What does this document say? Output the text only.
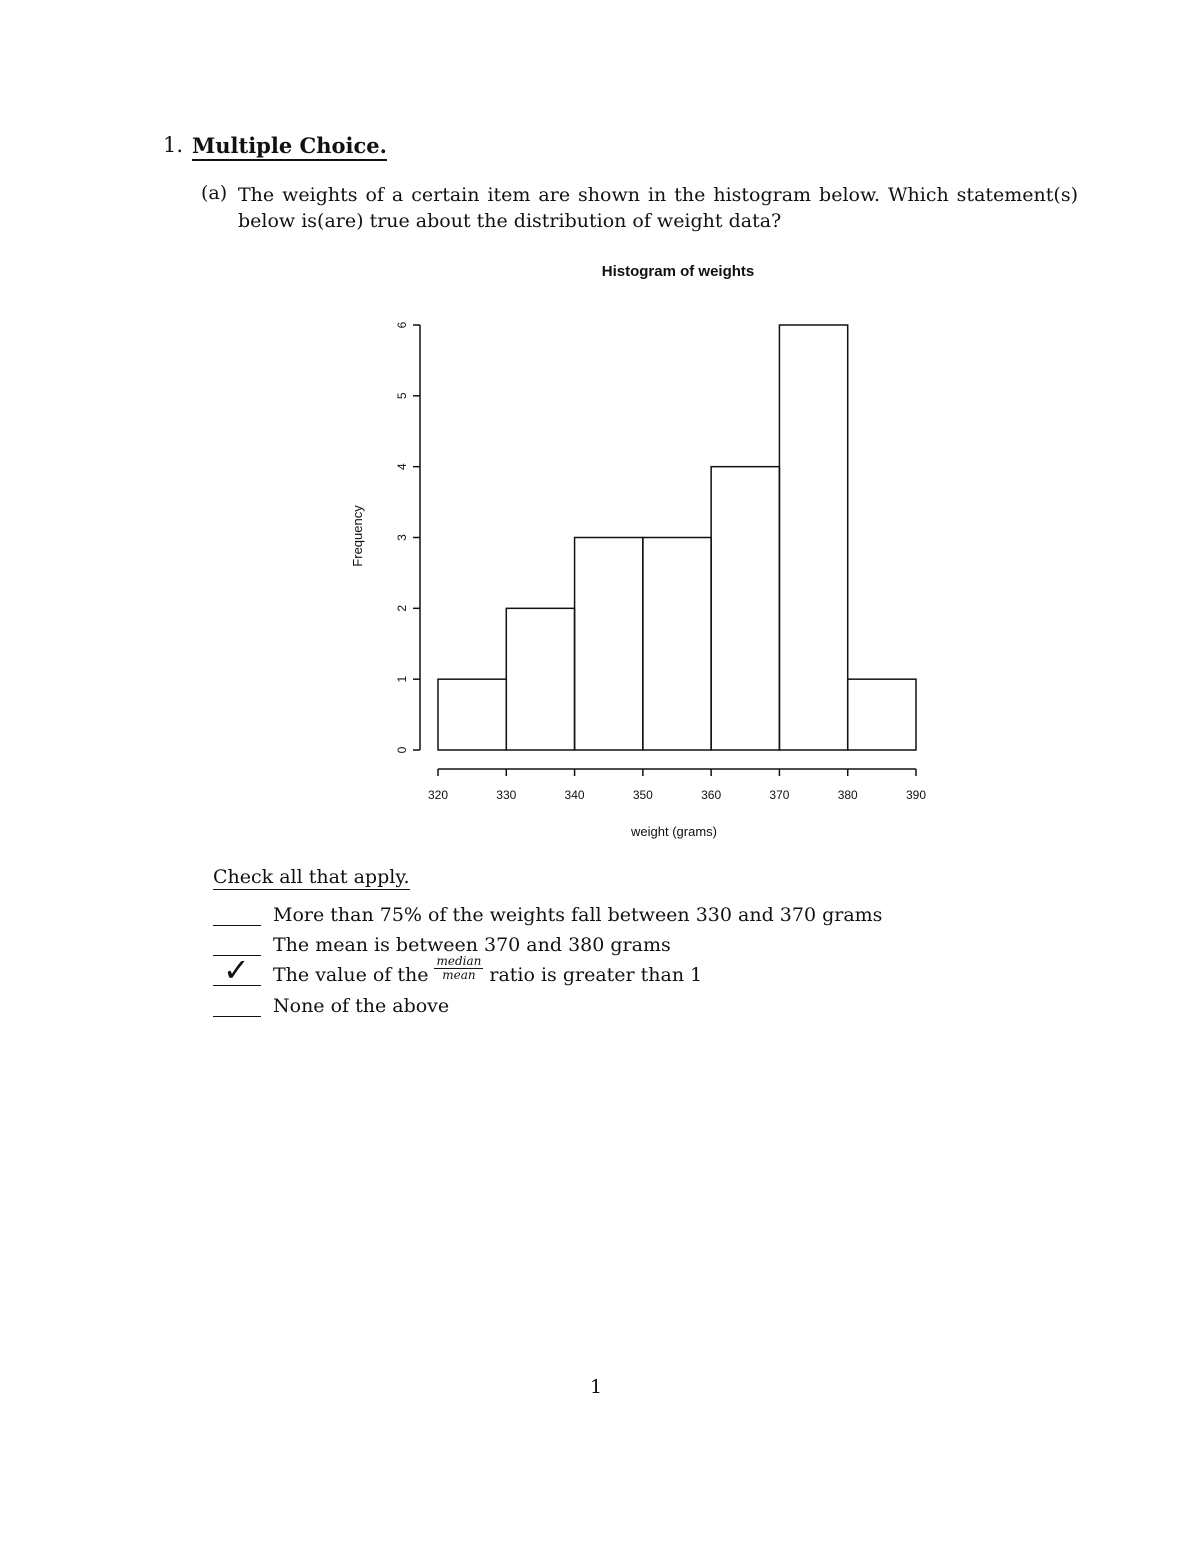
1. Multiple Choice.
(a) The weights of a certain item are shown in the histogram below. Which statement(s) below is(are) true about the distribution of weight data?
Histogram of weights
Frequency
weight (grams)
0
1
2
3
4
5
6
320	330	340	350	360	370	380	390
Check all that apply.
More than 75% of the weights fall between 330 and 370 grams
The mean is between 370 and 380 grams
✓ The value of the $\frac{\text{median}}{\text{mean}}$ ratio is greater than 1
None of the above
1
